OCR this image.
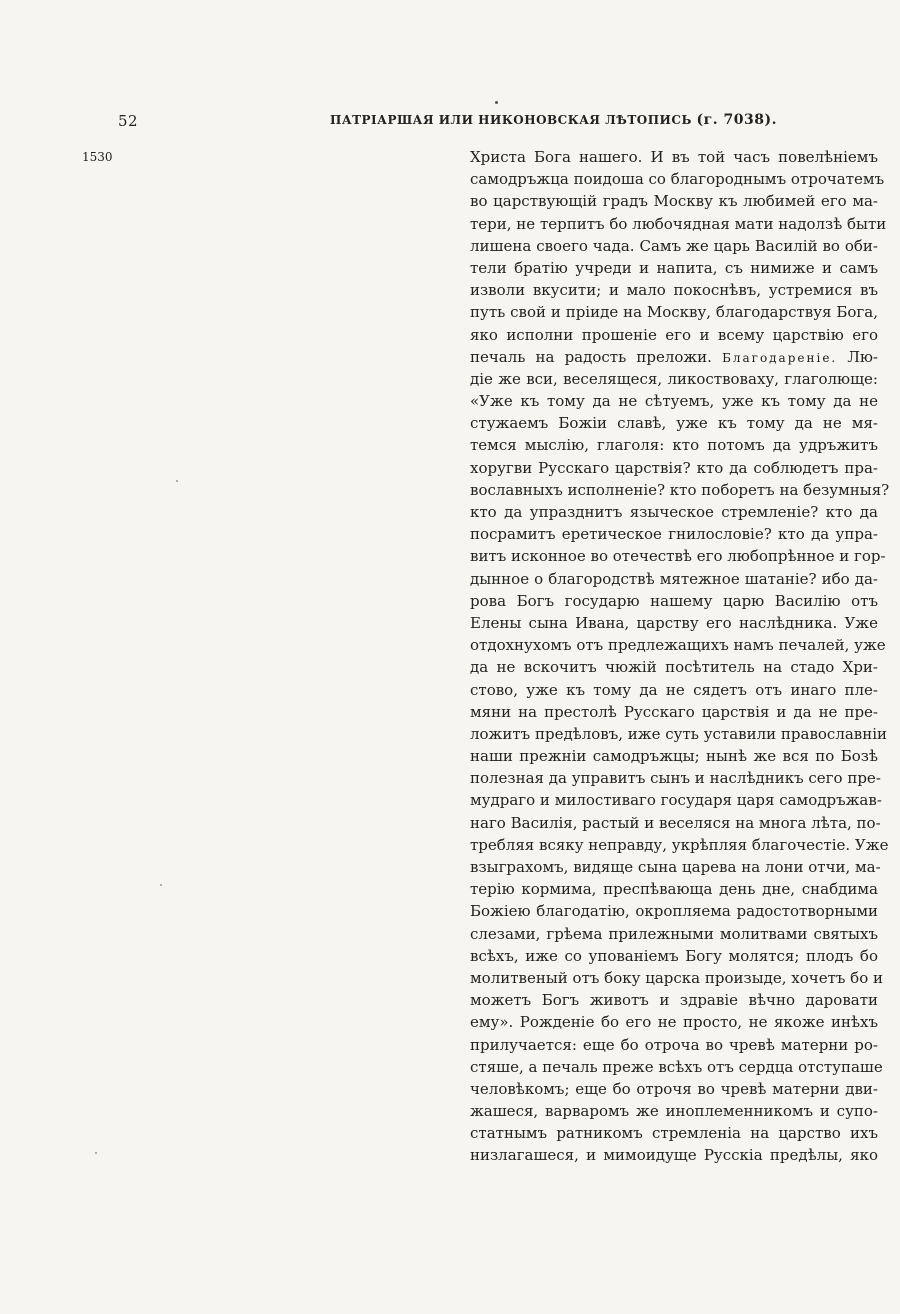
52	ПАТРІАРШАЯ ИЛИ НИКОНОВСКАЯ ЛѢТОПИСЬ (г. 7038).
1530	Христа Бога нашего. И въ той часъ повелѣніемъ
самодръжца поидоша со благороднымъ отрочатемъ
во царствующій градъ Москву къ любимей его ма-
тери, не терпитъ бо любочядная мати надолзѣ быти
лишена своего чада. Самъ же царь Василій во оби-
тели братію учреди и напита, съ нимиже и самъ
изволи вкусити; и мало покоснѣвъ, устремися въ
путь свой и пріиде на Москву, благодарствуя Бога,
яко исполни прошеніе его и всему царствію его
печаль на радость преложи. Благодареніе. Лю-
діе же вси, веселящеся, ликоствоваху, глаголюще:
«Уже къ тому да не сѣтуемъ, уже къ тому да не
стужаемъ Божіи славѣ, уже къ тому да не мя-
темся мыслію, глаголя: кто потомъ да удръжитъ
хоругви Русскаго царствія? кто да соблюдетъ пра-
вославныхъ исполненіе? кто поборетъ на безумныя?
кто да упразднитъ языческое стремленіе? кто да
посрамитъ еретическое гнилословіе? кто да упра-
витъ исконное во отечествѣ его любопрѣнное и гор-
дынное о благородствѣ мятежное шатаніе? ибо да-
рова Богъ государю нашему царю Василію отъ
Елены сына Ивана, царству его наслѣдника. Уже
отдохнухомъ отъ предлежащихъ намъ печалей, уже
да не вскочитъ чюжій посѣтитель на стадо Хри-
стово, уже къ тому да не сядетъ отъ инаго пле-
мяни на престолѣ Русскаго царствія и да не пре-
ложитъ предѣловъ, иже суть уставили православніи
наши прежніи самодръжцы; нынѣ же вся по Бозѣ
полезная да управитъ сынъ и наслѣдникъ сего пре-
мудраго и милостиваго государя царя самодръжав-
наго Василія, растый и веселяся на многа лѣта, по-
требляя всяку неправду, укрѣпляя благочестіе. Уже
взыграхомъ, видяще сына царева на лони отчи, ма-
терію кормима, преспѣвающа день дне, снабдима
Божіею благодатію, окропляема радостотворными
слезами, грѣема прилежными молитвами святыхъ
всѣхъ, иже со упованіемъ Богу молятся; плодъ бо
молитвеный отъ боку царска произыде, хочетъ бо и
можетъ Богъ животъ и здравіе вѣчно даровати
ему». Рожденіе бо его не просто, не якоже инѣхъ
прилучается: еще бо отроча во чревѣ матерни ро-
стяше, а печаль преже всѣхъ отъ сердца отступаше
человѣкомъ; еще бо отрочя во чревѣ матерни дви-
жашеся, варваромъ же иноплеменникомъ и супо-
статнымъ ратникомъ стремленіа на царство ихъ
низлагашеся, и мимоидуще Русскіа предѣлы, яко
